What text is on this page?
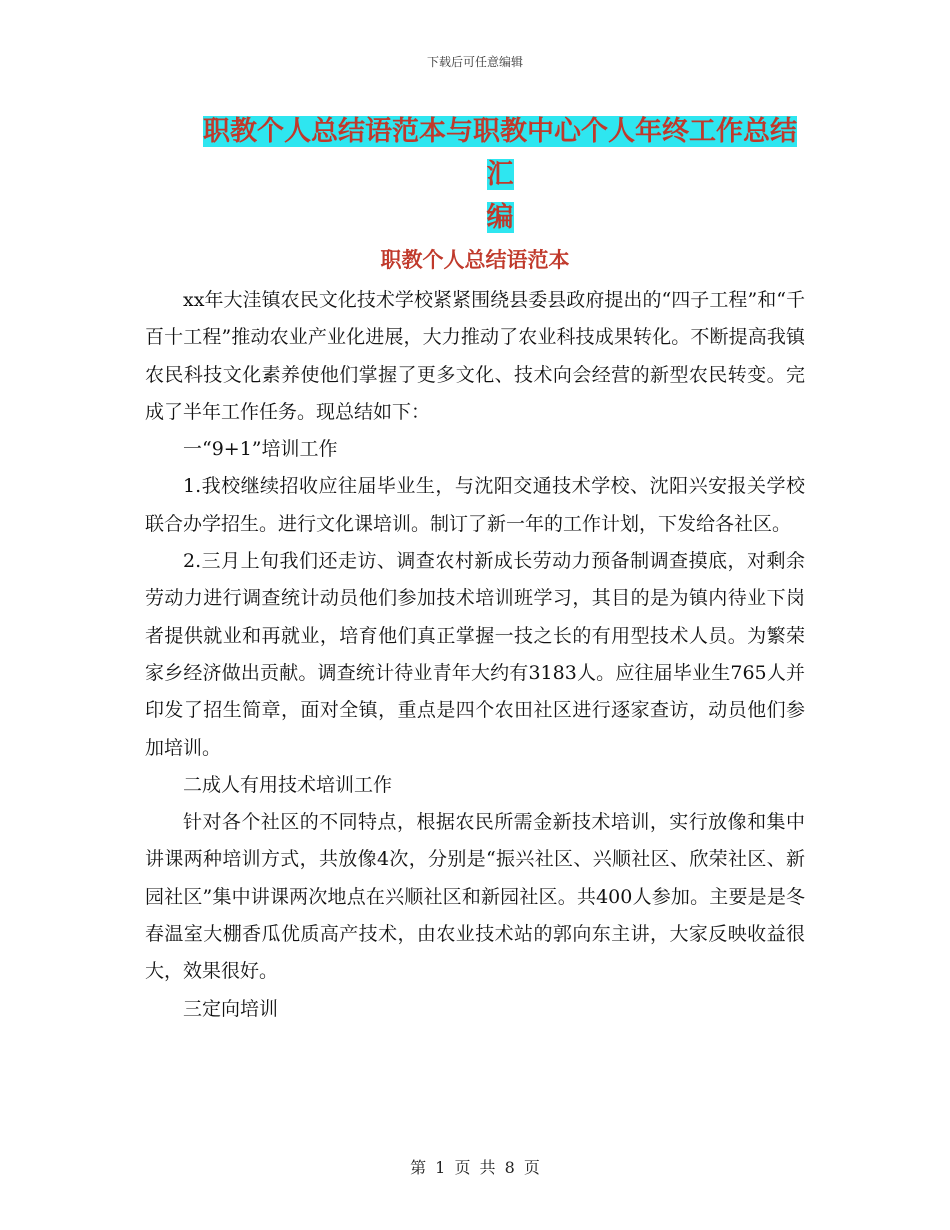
下载后可任意编辑
职教个人总结语范本与职教中心个人年终工作总结汇
编
职教个人总结语范本

xx年大洼镇农民文化技术学校紧紧围绕县委县政府提出的“四子工程”和“千百十工程”推动农业产业化进展，大力推动了农业科技成果转化。不断提高我镇农民科技文化素养使他们掌握了更多文化、技术向会经营的新型农民转变。完成了半年工作任务。现总结如下：

一“9+1”培训工作

1.我校继续招收应往届毕业生，与沈阳交通技术学校、沈阳兴安报关学校联合办学招生。进行文化课培训。制订了新一年的工作计划，下发给各社区。

2.三月上旬我们还走访、调查农村新成长劳动力预备制调查摸底，对剩余劳动力进行调查统计动员他们参加技术培训班学习，其目的是为镇内待业下岗者提供就业和再就业，培育他们真正掌握一技之长的有用型技术人员。为繁荣家乡经济做出贡献。调查统计待业青年大约有3183人。应往届毕业生765人并印发了招生简章，面对全镇，重点是四个农田社区进行逐家查访，动员他们参加培训。

二成人有用技术培训工作

针对各个社区的不同特点，根据农民所需金新技术培训，实行放像和集中讲课两种培训方式，共放像4次，分别是“振兴社区、兴顺社区、欣荣社区、新园社区”集中讲课两次地点在兴顺社区和新园社区。共400人参加。主要是是冬春温室大棚香瓜优质高产技术，由农业技术站的郭向东主讲，大家反映收益很大，效果很好。

三定向培训

第 1 页 共 8 页
